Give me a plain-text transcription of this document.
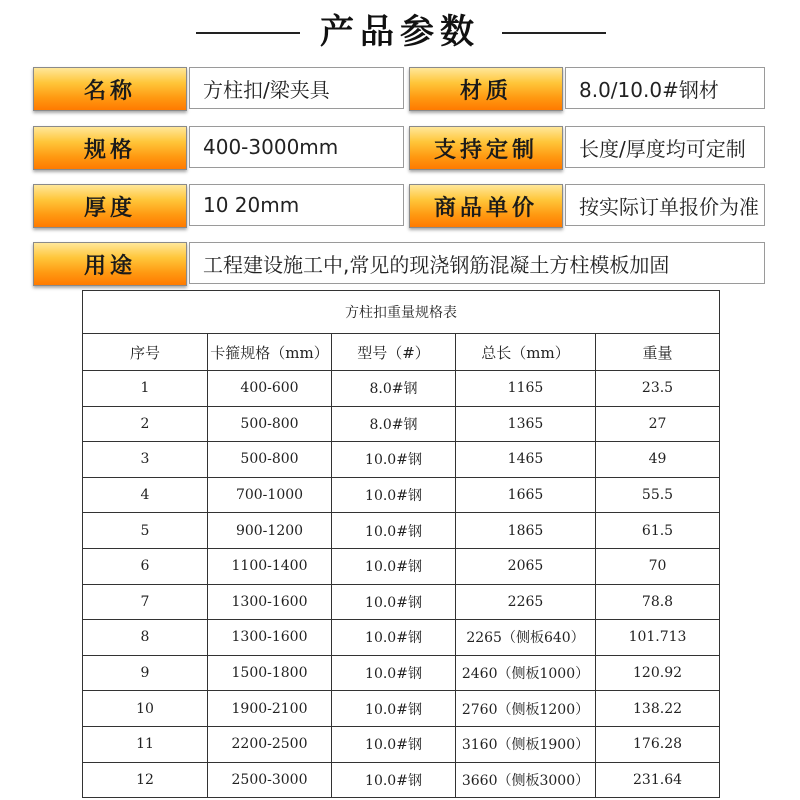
产品参数
名称	方柱扣/梁夹具	材质	8.0/10.0#钢材
规格	400-3000mm	支持定制 长度/厚度均可定制
厚度	10 20mm	商品单价 按实际订单报价为准
用途	工程建设施工中,常见的现浇钢筋混凝土方柱模板加固
方柱扣重量规格表				
序号	卡箍规格（mm）	型号（#）	总长（mm）	重量
1	400-600	8.0#钢	1165	23.5
2	500-800	8.0#钢	1365	27
3	500-800	10.0#钢	1465	49
4	700-1000	10.0#钢	1665	55.5
5	900-1200	10.0#钢	1865	61.5
6	1100-1400	10.0#钢	2065	70
7	1300-1600	10.0#钢	2265	78.8
8	1300-1600	10.0#钢	2265（侧板640）	101.713
9	1500-1800	10.0#钢	2460（侧板1000）	120.92
10	1900-2100	10.0#钢	2760（侧板1200）	138.22
11	2200-2500	10.0#钢	3160（侧板1900）	176.28
12	2500-3000	10.0#钢	3660（侧板3000）	231.64
